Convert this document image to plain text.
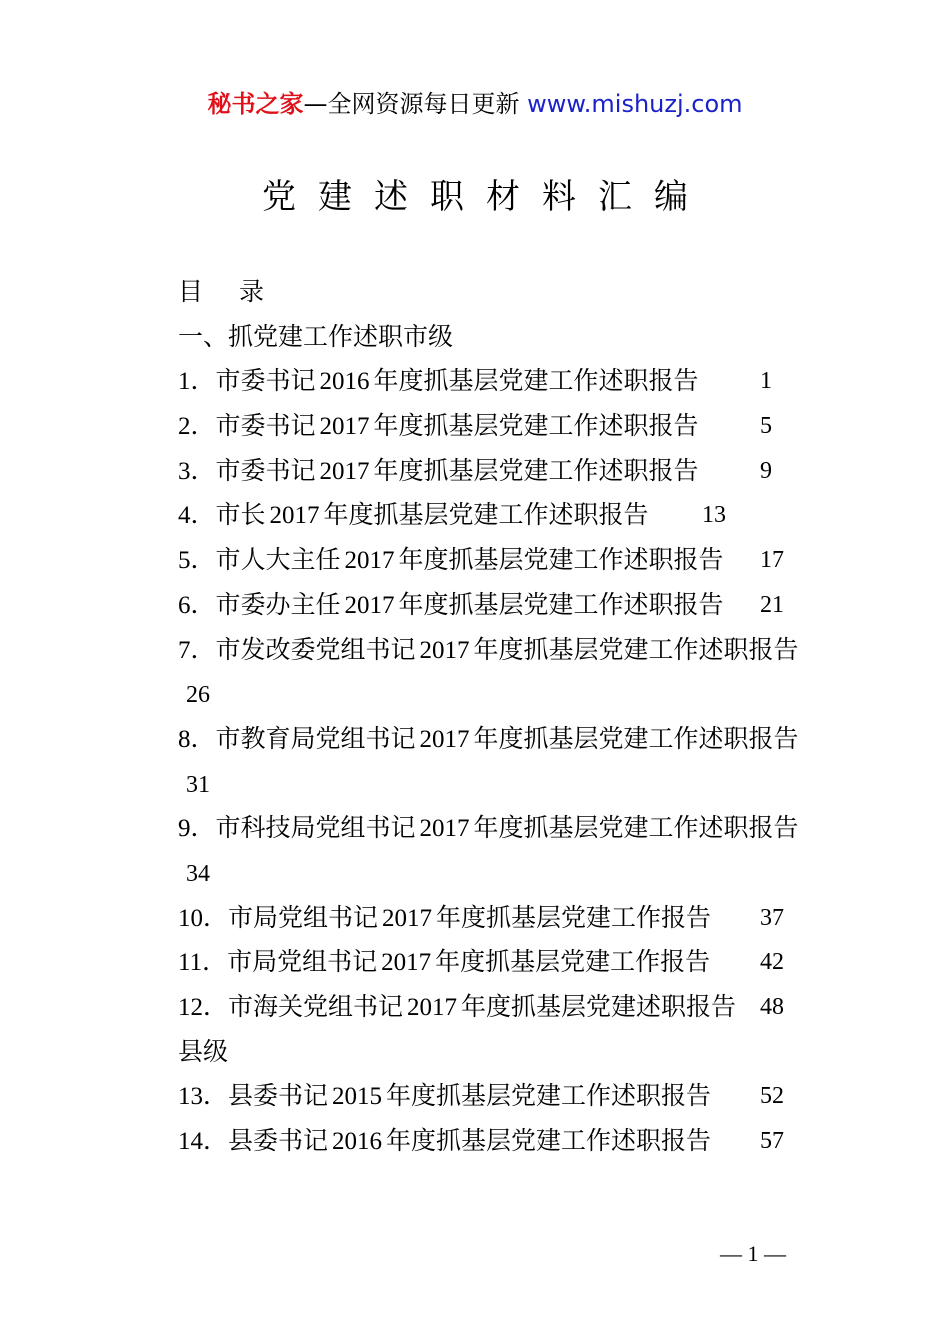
秘书之家—全网资源每日更新 www.mishuzj.com
党建述职材料汇编
目录
一、抓党建工作述职市级
1．市委书记 2016 年度抓基层党建工作述职报告	1
2．市委书记 2017 年度抓基层党建工作述职报告	5
3．市委书记 2017 年度抓基层党建工作述职报告	9
4．市长 2017 年度抓基层党建工作述职报告 13
5．市人大主任 2017 年度抓基层党建工作述职报告 17
6．市委办主任 2017 年度抓基层党建工作述职报告 21
7．市发改委党组书记 2017 年度抓基层党建工作述职报告
26
8．市教育局党组书记 2017 年度抓基层党建工作述职报告
31
9．市科技局党组书记 2017 年度抓基层党建工作述职报告
34
10．市局党组书记 2017 年度抓基层党建工作报告 37
11．市局党组书记 2017 年度抓基层党建工作报告 42
12．市海关党组书记 2017 年度抓基层党建述职报告 48
县级
13．县委书记 2015 年度抓基层党建工作述职报告 52
14．县委书记 2016 年度抓基层党建工作述职报告 57
— 1 —
